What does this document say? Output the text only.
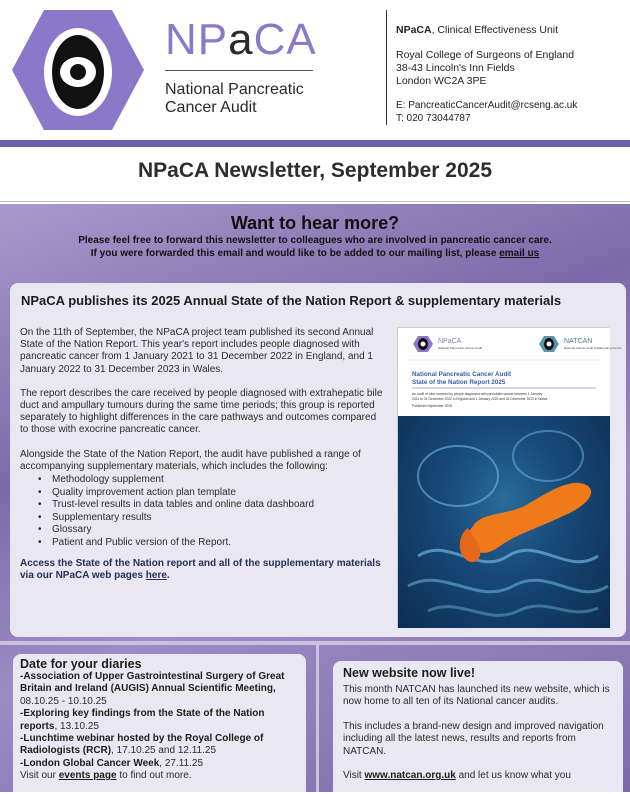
NPaCA
National Pancreatic
Cancer Audit
NPaCA, Clinical Effectiveness Unit
Royal College of Surgeons of England
38-43 Lincoln's Inn Fields
London WC2A 3PE
E: PancreaticCancerAudit@rcseng.ac.uk
T: 020 73044787
NPaCA Newsletter, September 2025
Want to hear more?

Please feel free to forward this newsletter to colleagues who are involved in pancreatic cancer care.

If you were forwarded this email and would like to be added to our mailing list, please email us

NPaCA publishes its 2025 Annual State of the Nation Report & supplementary materials

On the 11th of September, the NPaCA project team published its second Annual State of the Nation Report. This year's report includes people diagnosed with pancreatic cancer from 1 January 2021 to 31 December 2022 in England, and 1 January 2022 to 31 December 2023 in Wales.

The report describes the care received by people diagnosed with extrahepatic bile duct and ampullary tumours during the same time periods; this group is reported separately to highlight differences in the care pathways and outcomes compared to those with exocrine pancreatic cancer.

Alongside the State of the Nation Report, the audit have published a range of accompanying supplementary materials, which includes the following:

• Methodology supplement
• Quality improvement action plan template
• Trust-level results in data tables and online data dashboard
• Supplementary results
• Glossary
• Patient and Public version of the Report.

Access the State of the Nation report and all of the supplementary materials via our NPaCA web pages here.

NPaCA
National Pancreatic Cancer Audit
NATCAN
National Cancer Audit Collaborating Centre
National Pancreatic Cancer Audit
State of the Nation Report 2025
An audit of care received by people diagnosed with pancreatic cancer between 1 January
2021 to 31 December 2022 in England and 1 January 2022 and 31 December 2023 in Wales.
Published September 2025
Date for your diaries
-Association of Upper Gastrointestinal Surgery of Great Britain and Ireland (AUGIS) Annual Scientific Meeting, 08.10.25 - 10.10.25
-Exploring key findings from the State of the Nation reports, 13.10.25
-Lunchtime webinar hosted by the Royal College of Radiologists (RCR), 17.10.25 and 12.11.25
-London Global Cancer Week, 27.11.25
Visit our events page to find out more.
New website now live!

This month NATCAN has launched its new website, which is now home to all ten of its National cancer audits.

This includes a brand-new design and improved navigation including all the latest news, results and reports from NATCAN.

Visit www.natcan.org.uk and let us know what you
